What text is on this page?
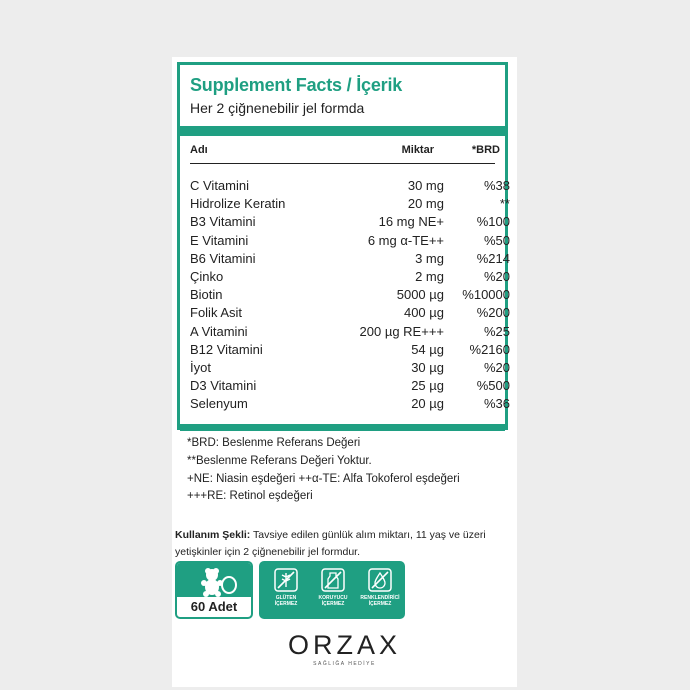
Supplement Facts / İçerik
Her 2 çiğnenebilir jel formda
Adı	Miktar	*BRD
C Vitamini	30 mg	%38
Hidrolize Keratin	20 mg	**
B3 Vitamini	16 mg NE+	%100
E Vitamini	6 mg α-TE++	%50
B6 Vitamini	3 mg	%214
Çinko	2 mg	%20
Biotin	5000 µg	%10000
Folik Asit	400 µg	%200
A Vitamini	200 µg RE+++	%25
B12 Vitamini	54 µg	%2160
İyot	30 µg	%20
D3 Vitamini	25 µg	%500
Selenyum	20 µg	%36
*BRD: Beslenme Referans Değeri
**Beslenme Referans Değeri Yoktur.
+NE: Niasin eşdeğeri ++α-TE: Alfa Tokoferol eşdeğeri
+++RE: Retinol eşdeğeri
Kullanım Şekli: Tavsiye edilen günlük alım miktarı, 11 yaş ve üzeri yetişkinler için 2 çiğnenebilir jel formdur.
60 Adet
GLÜTEN
İÇERMEZ
KORUYUCU
İÇERMEZ
RENKLENDİRİCİ
İÇERMEZ
ORZAX
SAĞLIĞA HEDİYE
